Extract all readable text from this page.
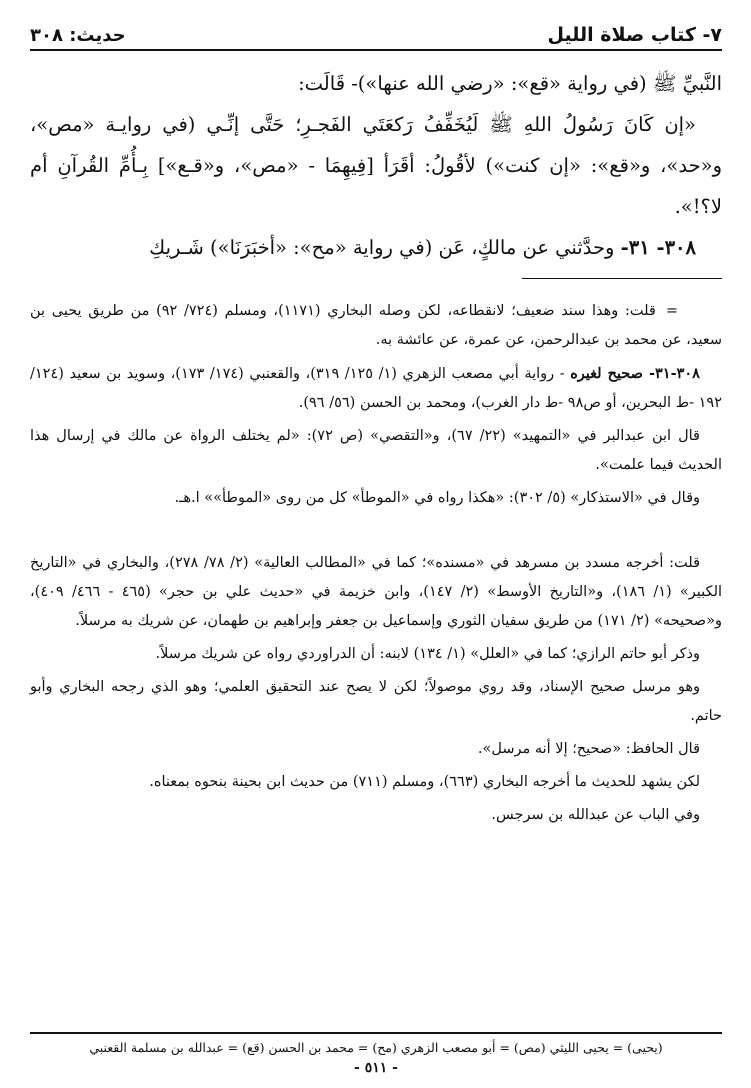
٧- كتاب صلاة الليل
حديث: ٣٠٨

النَّبيِّ ﷺ (في رواية «قع»: «رضي الله عنها»)- قَالَت:

«إن كَانَ رَسُولُ اللهِ ﷺ لَيُخَفِّفُ رَكعَتَي الفَجـرِ؛ حَتَّى إنِّـي (في روايـة «مص»، و«حد»، و«قع»: «إن كنت») لأقُولُ: أقَرَأ [فِيهِمَا - «مص»، و«قـع»] بِـأُمِّ القُرآنِ أم لا؟!».

٣٠٨- ٣١- وحدَّثني عن مالكٍ، عَن (في رواية «مح»: «أخبَرَنَا») شَـريكِ

=قلت: وهذا سند ضعيف؛ لانقطاعه، لكن وصله البخاري (١١٧١)، ومسلم (٧٢٤/ ٩٢) من طريق يحيى بن سعيد، عن محمد بن عبدالرحمن، عن عمرة، عن عائشة به.

٣٠٨-٣١- صحيح لغيره - رواية أبي مصعب الزهري (١/ ١٢٥/ ٣١٩)، والقعنبي (١٧٤/ ١٧٣)، وسويد بن سعيد (١٢٤/ ١٩٢ -ط البحرين، أو ص٩٨ -ط دار الغرب)، ومحمد بن الحسن (٥٦/ ٩٦).

قال ابن عبدالبر في «التمهيد» (٢٢/ ٦٧)، و«التقصي» (ص ٧٢): «لم يختلف الرواة عن مالك في إرسال هذا الحديث فيما علمت».

وقال في «الاستذكار» (٥/ ٣٠٢): «هكذا رواه في «الموطأ» كل من روى «الموطأ»» ا.هـ.

قلت: أخرجه مسدد بن مسرهد في «مسنده»؛ كما في «المطالب العالية» (٢/ ٧٨/ ٢٧٨)، والبخاري في «التاريخ الكبير» (١/ ١٨٦)، و«التاريخ الأوسط» (٢/ ١٤٧)، وابن خزيمة في «حديث علي بن حجر» (٤٦٥ - ٤٦٦/ ٤٠٩)، و«صحيحه» (٢/ ١٧١) من طريق سفيان الثوري وإسماعيل بن جعفر وإبراهيم بن طهمان، عن شريك به مرسلاً.

وذكر أبو حاتم الرازي؛ كما في «العلل» (١/ ١٣٤) لابنه: أن الدراوردي رواه عن شريك مرسلاً.

وهو مرسل صحيح الإسناد، وقد روي موصولاً؛ لكن لا يصح عند التحقيق العلمي؛ وهو الذي رجحه البخاري وأبو حاتم.

قال الحافظ: «صحيح؛ إلا أنه مرسل».

لكن يشهد للحديث ما أخرجه البخاري (٦٦٣)، ومسلم (٧١١) من حديث ابن بحينة بنحوه بمعناه.

وفي الباب عن عبدالله بن سرجس.

(يحيى) = يحيى الليثي (مص) = أبو مصعب الزهري (مح) = محمد بن الحسن (قع) = عبدالله بن مسلمة القعنبي
- ٥١١ -
